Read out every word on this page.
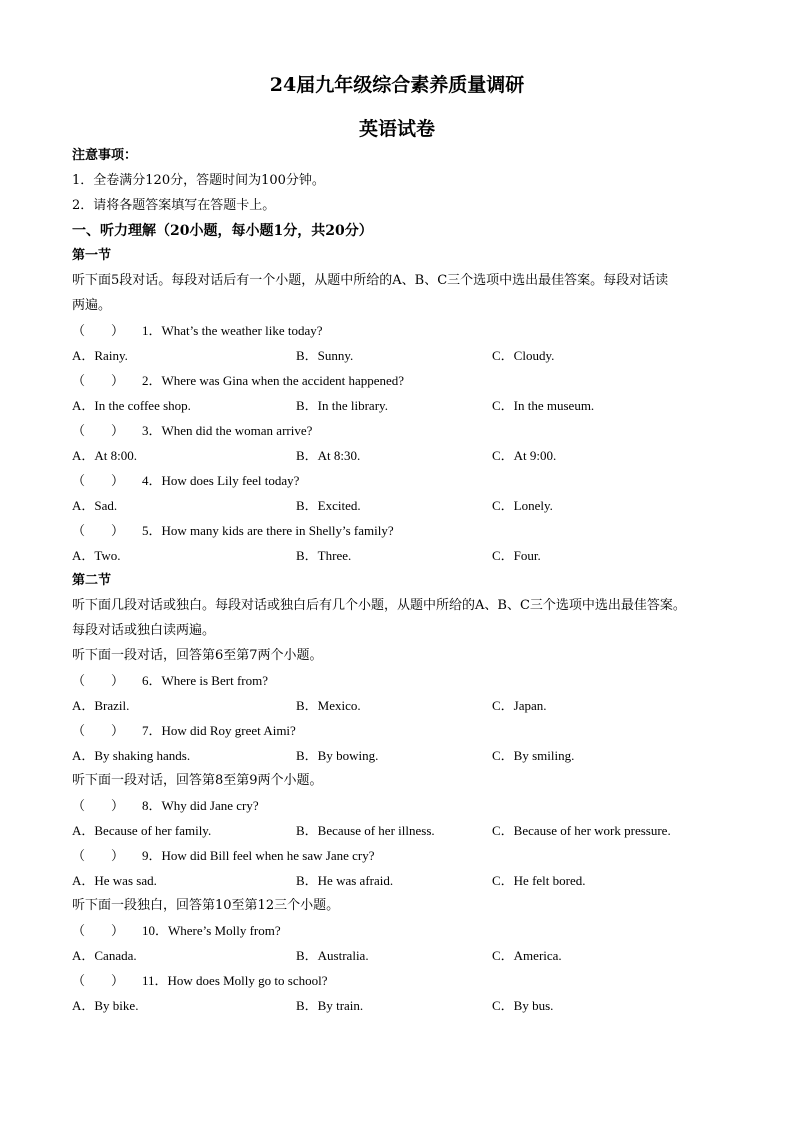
24届九年级综合素养质量调研
英语试卷
注意事项：
1．全卷满分120分，答题时间为100分钟。
2．请将各题答案填写在答题卡上。
一、听力理解（20小题，每小题1分，共20分）
第一节
听下面5段对话。每段对话后有一个小题，从题中所给的A、B、C三个选项中选出最佳答案。每段对话读
两遍。
（　　） 1．What’s the weather like today?
A．Rainy.	B．Sunny.	C．Cloudy.
（　　） 2．Where was Gina when the accident happened?
A．In the coffee shop.	B．In the library.	C．In the museum.
（　　） 3．When did the woman arrive?
A．At 8:00.	B．At 8:30.	C．At 9:00.
（　　） 4．How does Lily feel today?
A．Sad.	B．Excited.	C．Lonely.
（　　） 5．How many kids are there in Shelly’s family?
A．Two.	B．Three.	C．Four.
第二节
听下面几段对话或独白。每段对话或独白后有几个小题，从题中所给的A、B、C三个选项中选出最佳答案。
每段对话或独白读两遍。
听下面一段对话，回答第6至第7两个小题。
（　　） 6．Where is Bert from?
A．Brazil.	B．Mexico.	C．Japan.
（　　） 7．How did Roy greet Aimi?
A．By shaking hands.	B．By bowing.	C．By smiling.
听下面一段对话，回答第8至第9两个小题。
（　　） 8．Why did Jane cry?
A．Because of her family.	B．Because of her illness.	C．Because of her work pressure.
（　　） 9．How did Bill feel when he saw Jane cry?
A．He was sad.	B．He was afraid.	C．He felt bored.
听下面一段独白，回答第10至第12三个小题。
（　　） 10．Where’s Molly from?
A．Canada.	B．Australia.	C．America.
（　　） 11．How does Molly go to school?
A．By bike.	B．By train.	C．By bus.
